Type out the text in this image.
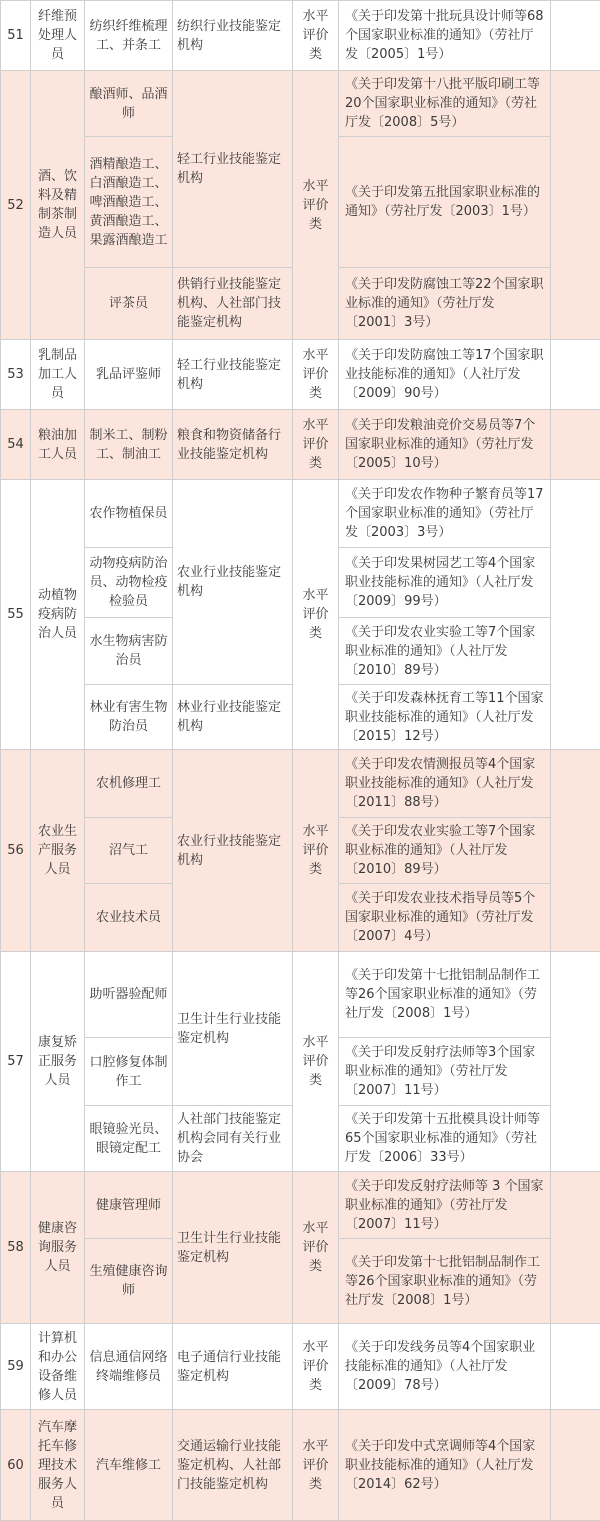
51	纤维预处理人员	纺织纤维梳理工、并条工	纺织行业技能鉴定机构	水平评价类	《关于印发第十批玩具设计师等68个国家职业标准的通知》（劳社厅发〔2005〕1号）	
52	酒、饮料及精制茶制造人员	酿酒师、品酒师	轻工行业技能鉴定机构	水平评价类	《关于印发第十八批平版印刷工等20个国家职业标准的通知》（劳社厅发〔2008〕5号）	
		酒精酿造工、白酒酿造工、啤酒酿造工、黄酒酿造工、果露酒酿造工			《关于印发第五批国家职业标准的通知》（劳社厅发〔2003〕1号）	
		评茶员	供销行业技能鉴定机构、人社部门技能鉴定机构		《关于印发防腐蚀工等22个国家职业标准的通知》（劳社厅发〔2001〕3号）	
53	乳制品加工人员	乳品评鉴师	轻工行业技能鉴定机构	水平评价类	《关于印发防腐蚀工等17个国家职业技能标准的通知》（人社厅发〔2009〕90号）	
54	粮油加工人员	制米工、制粉工、制油工	粮食和物资储备行业技能鉴定机构	水平评价类	《关于印发粮油竞价交易员等7个国家职业标准的通知》（劳社厅发〔2005〕10号）	
55	动植物疫病防治人员	农作物植保员	农业行业技能鉴定机构	水平评价类	《关于印发农作物种子繁育员等17个国家职业标准的通知》（劳社厅发〔2003〕3号）	
		动物疫病防治员、动物检疫检验员			《关于印发果树园艺工等4个国家职业技能标准的通知》（人社厅发〔2009〕99号）	
		水生物病害防治员			《关于印发农业实验工等7个国家职业标准的通知》（人社厅发〔2010〕89号）	
		林业有害生物防治员	林业行业技能鉴定机构		《关于印发森林抚育工等11个国家职业技能标准的通知》（人社厅发〔2015〕12号）	
56	农业生产服务人员	农机修理工	农业行业技能鉴定机构	水平评价类	《关于印发农情测报员等4个国家职业技能标准的通知》（人社厅发〔2011〕88号）	
		沼气工			《关于印发农业实验工等7个国家职业标准的通知》（人社厅发〔2010〕89号）	
		农业技术员			《关于印发农业技术指导员等5个国家职业标准的通知》（劳社厅发〔2007〕4号）	
57	康复矫正服务人员	助听器验配师	卫生计生行业技能鉴定机构	水平评价类	《关于印发第十七批铝制品制作工等26个国家职业标准的通知》（劳社厅发〔2008〕1号）	
		口腔修复体制作工			《关于印发反射疗法师等3个国家职业标准的通知》（劳社厅发〔2007〕11号）	
		眼镜验光员、眼镜定配工	人社部门技能鉴定机构会同有关行业协会		《关于印发第十五批模具设计师等65个国家职业标准的通知》（劳社厅发〔2006〕33号）	
58	健康咨询服务人员	健康管理师	卫生计生行业技能鉴定机构	水平评价类	《关于印发反射疗法师等 3 个国家职业标准的通知》（劳社厅发〔2007〕11号）	
		生殖健康咨询师			《关于印发第十七批铝制品制作工等26个国家职业标准的通知》（劳社厅发〔2008〕1号）	
59	计算机和办公设备维修人员	信息通信网络终端维修员	电子通信行业技能鉴定机构	水平评价类	《关于印发线务员等4个国家职业技能标准的通知》（人社厅发〔2009〕78号）	
60	汽车摩托车修理技术服务人员	汽车维修工	交通运输行业技能鉴定机构、人社部门技能鉴定机构	水平评价类	《关于印发中式烹调师等4个国家职业技能标准的通知》（人社厅发〔2014〕62号）	
